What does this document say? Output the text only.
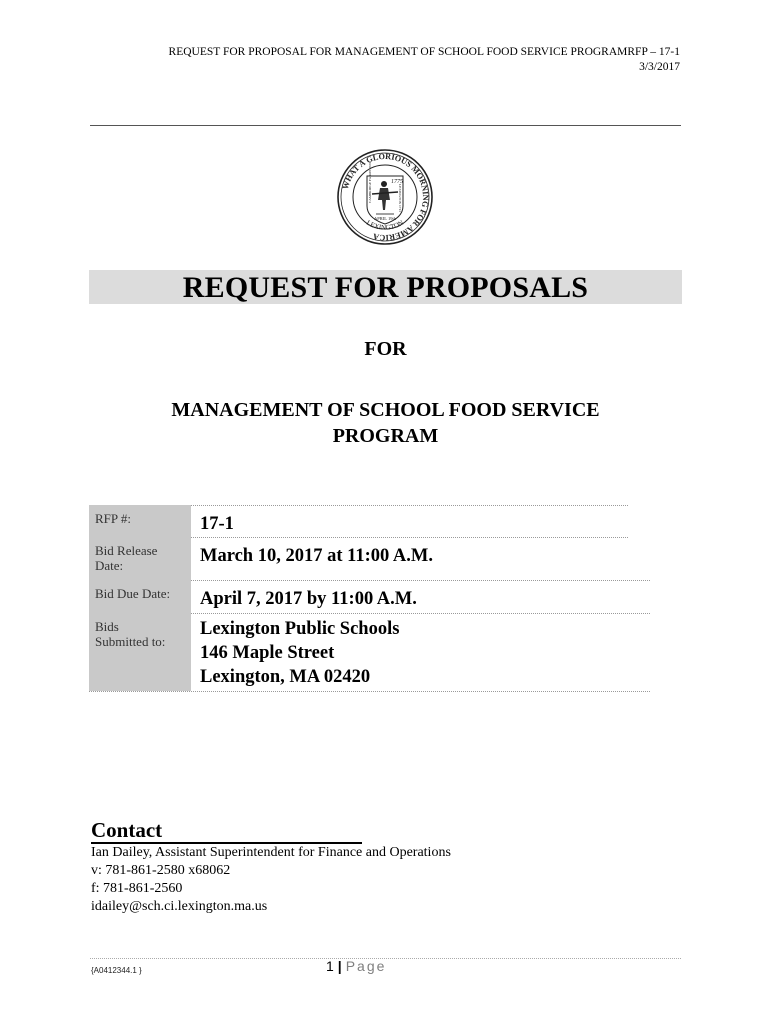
REQUEST FOR PROPOSAL FOR MANAGEMENT OF SCHOOL FOOD SERVICE PROGRAMRFP – 17-1
3/3/2017
WHAT A GLORIOUS MORNING FOR AMERICA
LEXINGTON
1775
CAMBRIDGE FARMS 1691	LEXINGTON 1713
APRIL 19th
REQUEST FOR PROPOSALS
FOR
MANAGEMENT OF SCHOOL FOOD SERVICE
PROGRAM
RFP #:	17-1
Bid Release
Date:	March 10, 2017 at 11:00 A.M.
Bid Due Date:	April 7, 2017 by 11:00 A.M.
Bids
Submitted to:
Lexington Public Schools
146 Maple Street
Lexington, MA 02420
Contact
Ian Dailey, Assistant Superintendent for Finance and Operations
v: 781-861-2580 x68062
f: 781-861-2560
idailey@sch.ci.lexington.ma.us
{A0412344.1 }	1 | Page
